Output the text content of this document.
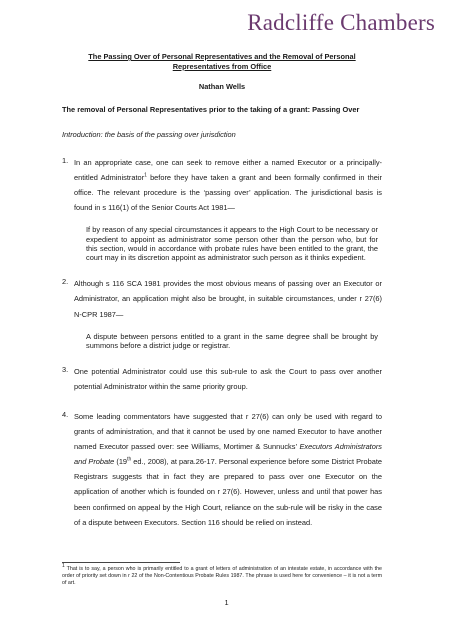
Radcliffe Chambers

The Passing Over of Personal Representatives and the Removal of Personal Representatives from Office

Nathan Wells

The removal of Personal Representatives prior to the taking of a grant: Passing Over

Introduction: the basis of the passing over jurisdiction

1. In an appropriate case, one can seek to remove either a named Executor or a principally-entitled Administrator$^1$ before they have taken a grant and been formally confirmed in their office. The relevant procedure is the ‘passing over’ application. The jurisdictional basis is found in s 116(1) of the Senior Courts Act 1981—

If by reason of any special circumstances it appears to the High Court to be necessary or expedient to appoint as administrator some person other than the person who, but for this section, would in accordance with probate rules have been entitled to the grant, the court may in its discretion appoint as administrator such person as it thinks expedient.

2. Although s 116 SCA 1981 provides the most obvious means of passing over an Executor or Administrator, an application might also be brought, in suitable circumstances, under r 27(6) N-CPR 1987—

A dispute between persons entitled to a grant in the same degree shall be brought by summons before a district judge or registrar.

3. One potential Administrator could use this sub-rule to ask the Court to pass over another potential Administrator within the same priority group.
4. Some leading commentators have suggested that r 27(6) can only be used with regard to grants of administration, and that it cannot be used by one named Executor to have another named Executor passed over: see Williams, Mortimer & Sunnucks’ Executors Administrators and Probate (19th ed., 2008), at para.26-17. Personal experience before some District Probate Registrars suggests that in fact they are prepared to pass over one Executor on the application of another which is founded on r 27(6). However, unless and until that power has been confirmed on appeal by the High Court, reliance on the sub-rule will be risky in the case of a dispute between Executors. Section 116 should be relied on instead.
$^1$ That is to say, a person who is primarily entitled to a grant of letters of administration of an intestate estate, in accordance with the order of priority set down in r 22 of the Non-Contentious Probate Rules 1987. The phrase is used here for convenience – it is not a term of art.
1
